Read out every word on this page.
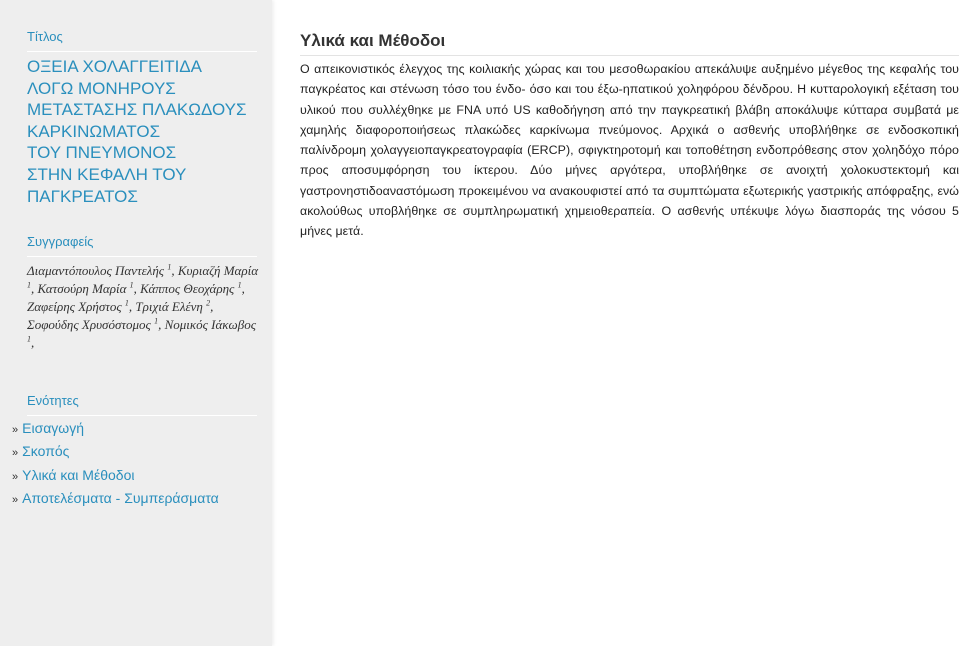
Τίτλος
ΟΞΕΙΑ ΧΟΛΑΓΓΕΙΤΙΔΑ
ΛΟΓΩ ΜΟΝΗΡΟΥΣ
ΜΕΤΑΣΤΑΣΗΣ ΠΛΑΚΩΔΟΥΣ
ΚΑΡΚΙΝΩΜΑΤΟΣ
ΤΟΥ ΠΝΕΥΜΟΝΟΣ
ΣΤΗΝ ΚΕΦΑΛΗ ΤΟΥ
ΠΑΓΚΡΕΑΤΟΣ
Συγγραφείς
Διαμαντόπουλος Παντελής $^1$, Κυριαζή Μαρία $^1$, Κατσούρη Μαρία $^1$, Κάππος Θεοχάρης $^1$, Ζαφείρης Χρήστος $^1$, Τριχιά Ελένη $^2$, Σοφούδης Χρυσόστομος $^1$, Νομικός Ιάκωβος $^1$,
Ενότητες
» Εισαγωγή
» Σκοπός
» Υλικά και Μέθοδοι
» Αποτελέσματα - Συμπεράσματα
Υλικά και Μέθοδοι

Ο απεικονιστικός έλεγχος της κοιλιακής χώρας και του μεσοθωρακίου απεκάλυψε αυξημένο μέγεθος της κεφαλής του παγκρέατος και στένωση τόσο του ένδο- όσο και του έξω-ηπατικού χοληφόρου δένδρου. Η κυτταρολογική εξέταση του υλικού που συλλέχθηκε με FNA υπό US καθοδήγηση από την παγκρεατική βλάβη αποκάλυψε κύτταρα συμβατά με χαμηλής διαφοροποιήσεως πλακώδες καρκίνωμα πνεύμονος. Αρχικά ο ασθενής υποβλήθηκε σε ενδοσκοπική παλίνδρομη χολαγγειοπαγκρεατογραφία (ERCP), σφιγκτηροτομή και τοποθέτηση ενδοπρόθεσης στον χοληδόχο πόρο προς αποσυμφόρηση του ίκτερου. Δύο μήνες αργότερα, υποβλήθηκε σε ανοιχτή χολοκυστεκτομή και γαστρονηστιδοαναστόμωση προκειμένου να ανακουφιστεί από τα συμπτώματα εξωτερικής γαστρικής απόφραξης, ενώ ακολούθως υποβλήθηκε σε συμπληρωματική χημειοθεραπεία. Ο ασθενής υπέκυψε λόγω διασποράς της νόσου 5 μήνες μετά.
